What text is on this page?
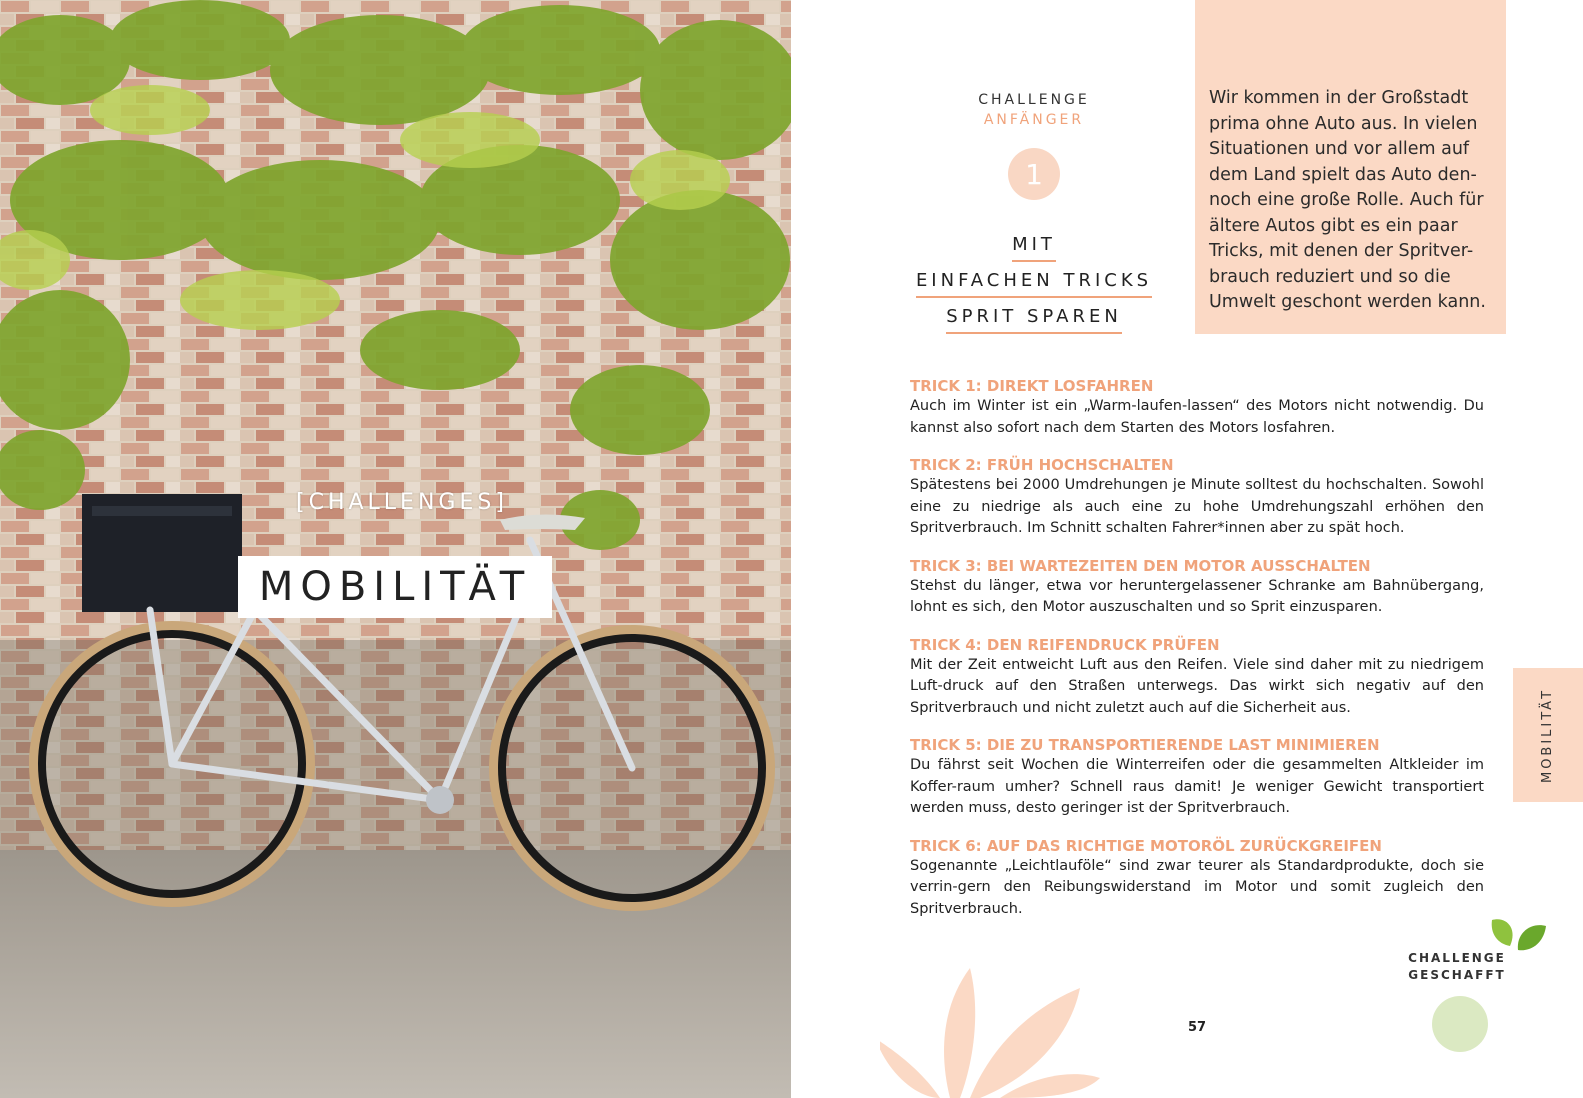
[CHALLENGES]
MOBILITÄT
CHALLENGE
ANFÄNGER
1
MIT
EINFACHEN TRICKS
SPRIT SPAREN

Wir kommen in der Großstadt prima ohne Auto aus. In vielen Situationen und vor allem auf dem Land spielt das Auto den-noch eine große Rolle. Auch für ältere Autos gibt es ein paar Tricks, mit denen der Spritver-brauch reduziert und so die Umwelt geschont werden kann.

TRICK 1: DIREKT LOSFAHREN

Auch im Winter ist ein „Warm-laufen-lassen“ des Motors nicht notwendig. Du kannst also sofort nach dem Starten des Motors losfahren.

TRICK 2: FRÜH HOCHSCHALTEN

Spätestens bei 2000 Umdrehungen je Minute solltest du hochschalten. Sowohl eine zu niedrige als auch eine zu hohe Umdrehungszahl erhöhen den Spritverbrauch. Im Schnitt schalten Fahrer*innen aber zu spät hoch.

TRICK 3: BEI WARTEZEITEN DEN MOTOR AUSSCHALTEN

Stehst du länger, etwa vor heruntergelassener Schranke am Bahnübergang, lohnt es sich, den Motor auszuschalten und so Sprit einzusparen.

TRICK 4: DEN REIFENDRUCK PRÜFEN

Mit der Zeit entweicht Luft aus den Reifen. Viele sind daher mit zu niedrigem Luft-druck auf den Straßen unterwegs. Das wirkt sich negativ auf den Spritverbrauch und nicht zuletzt auch auf die Sicherheit aus.

TRICK 5: DIE ZU TRANSPORTIERENDE LAST MINIMIEREN

Du fährst seit Wochen die Winterreifen oder die gesammelten Altkleider im Koffer-raum umher? Schnell raus damit! Je weniger Gewicht transportiert werden muss, desto geringer ist der Spritverbrauch.

TRICK 6: AUF DAS RICHTIGE MOTORÖL ZURÜCKGREIFEN

Sogenannte „Leichtlauföle“ sind zwar teurer als Standardprodukte, doch sie verrin-gern den Reibungswiderstand im Motor und somit zugleich den Spritverbrauch.

MOBILITÄT
CHALLENGE
GESCHAFFT
57
